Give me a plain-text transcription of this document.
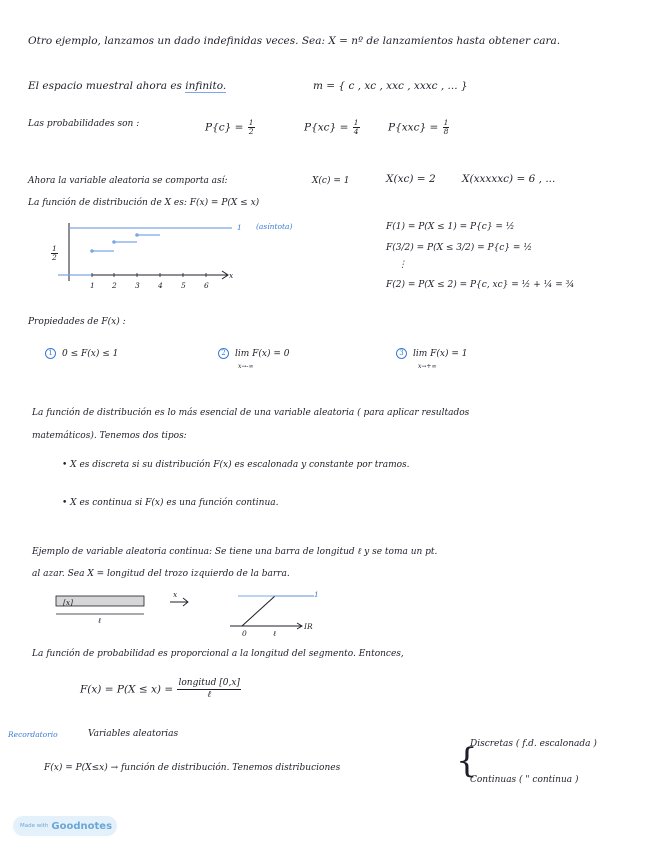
Otro ejemplo, lanzamos un dado indefinidas veces. Sea: X = nº de lanzamientos hasta obtener cara.
El espacio muestral ahora es infinito.	m = { c , xc , xxc , xxxc , ... }
Las probabilidades son :	$P\{c\} = \frac{1}{2}$	$P\{xc\} = \frac{1}{4}$	$P\{xxc\} = \frac{1}{8}$
Ahora la variable aleatoria se comporta así:	X(c) = 1	X(xc) = 2	X(xxxxxc) = 6 , ...
La función de distribución de X es: F(x) = P(X ≤ x)
1 (asíntota)
$\frac{1}{2}$
x
1 2 3 4 5 6
F(1) = P(X ≤ 1) = P{c} = ½
F(3/2) = P(X ≤ 3/2) = P{c} = ½
⋮
F(2) = P(X ≤ 2) = P{c, xc} = ½ + ¼ = ¾
Propiedades de F(x) :
1 0 ≤ F(x) ≤ 1	2 lim F(x) = 0
x→-∞
3 lim F(x) = 1
x→+∞
La función de distribución es lo más esencial de una variable aleatoria ( para aplicar resultados
matemáticos). Tenemos dos tipos:
• X es discreta si su distribución F(x) es escalonada y constante por tramos.
• X es continua si F(x) es una función continua.
Ejemplo de variable aleatoria continua: Se tiene una barra de longitud ℓ y se toma un pt.
al azar. Sea X = longitud del trozo izquierdo de la barra.
[x]
ℓ
x	1
0	ℓ
IR
La función de probabilidad es proporcional a la longitud del segmento. Entonces,
$F(x) = P(X \le x) = \frac{\text{longitud [0,x]}}{\text{ℓ}}$
Recordatorio	Variables aleatorias
F(x) = P(X≤x) → función de distribución. Tenemos distribuciones	{
Discretas ( f.d. escalonada )
Continuas ( " continua )
Made with Goodnotes
